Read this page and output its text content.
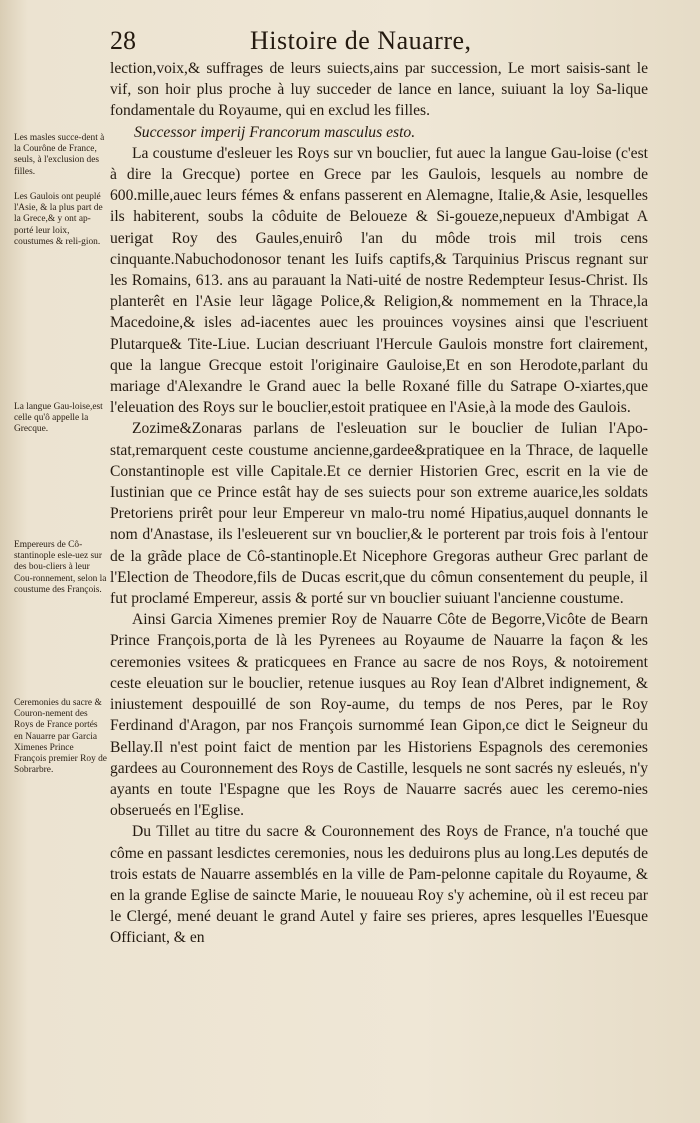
28	Histoire de Nauarre,

lection,voix,& suffrages de leurs suiects,ains par succession, Le mort saisis-sant le vif, son hoir plus proche à luy succeder de lance en lance, suiuant la loy Sa-lique fondamentale du Royaume, qui en exclud les filles.

Successor imperij Francorum masculus esto.

La coustume d'esleuer les Roys sur vn bouclier, fut auec la langue Gau-loise (c'est à dire la Grecque) portee en Grece par les Gaulois, lesquels au nombre de 600.mille,auec leurs fémes & enfans passerent en Alemagne, Italie,& Asie, lesquelles ils habiterent, soubs la côduite de Beloueze & Si-goueze,nepueux d'Ambigat A uerigat Roy des Gaules,enuirô l'an du môde trois mil trois cens cinquante.Nabuchodonosor tenant les Iuifs captifs,& Tarquinius Priscus regnant sur les Romains, 613. ans au parauant la Nati-uité de nostre Redempteur Iesus-Christ. Ils planterêt en l'Asie leur lãgage Police,& Religion,& nommement en la Thrace,la Macedoine,& isles ad-iacentes auec les prouinces voysines ainsi que l'escriuent Plutarque& Tite-Liue. Lucian descriuant l'Hercule Gaulois monstre fort clairement, que la langue Grecque estoit l'originaire Gauloise,Et en son Herodote,parlant du mariage d'Alexandre le Grand auec la belle Roxané fille du Satrape O-xiartes,que l'eleuation des Roys sur le bouclier,estoit pratiquee en l'Asie,à la mode des Gaulois.

Zozime&Zonaras parlans de l'esleuation sur le bouclier de Iulian l'Apo-stat,remarquent ceste coustume ancienne,gardee&pratiquee en la Thrace, de laquelle Constantinople est ville Capitale.Et ce dernier Historien Grec, escrit en la vie de Iustinian que ce Prince estât hay de ses suiects pour son extreme auarice,les soldats Pretoriens prirêt pour leur Empereur vn malo-tru nomé Hipatius,auquel donnants le nom d'Anastase, ils l'esleuerent sur vn bouclier,& le porterent par trois fois à l'entour de la grãde place de Cô-stantinople.Et Nicephore Gregoras autheur Grec parlant de l'Election de Theodore,fils de Ducas escrit,que du cômun consentement du peuple, il fut proclamé Empereur, assis & porté sur vn bouclier suiuant l'ancienne coustume.

Ainsi Garcia Ximenes premier Roy de Nauarre Côte de Begorre,Vicôte de Bearn Prince François,porta de là les Pyrenees au Royaume de Nauarre la façon & les ceremonies vsitees & praticquees en France au sacre de nos Roys, & notoirement ceste eleuation sur le bouclier, retenue iusques au Roy Iean d'Albret indignement, & iniustement despouillé de son Roy-aume, du temps de nos Peres, par le Roy Ferdinand d'Aragon, par nos François surnommé Iean Gipon,ce dict le Seigneur du Bellay.Il n'est point faict de mention par les Historiens Espagnols des ceremonies gardees au Couronnement des Roys de Castille, lesquels ne sont sacrés ny esleués, n'y ayants en toute l'Espagne que les Roys de Nauarre sacrés auec les ceremo-nies obserueés en l'Eglise.

Du Tillet au titre du sacre & Couronnement des Roys de France, n'a touché que côme en passant lesdictes ceremonies, nous les deduirons plus au long.Les deputés de trois estats de Nauarre assemblés en la ville de Pam-pelonne capitale du Royaume, & en la grande Eglise de saincte Marie, le nouueau Roy s'y achemine, où il est receu par le Clergé, mené deuant le grand Autel y faire ses prieres, apres lesquelles l'Euesque Officiant, & en

Les masles succe-dent à la Courône de France, seuls, à l'exclusion des filles.

Les Gaulois ont peuplé l'Asie, & la plus part de la Grece,& y ont ap-porté leur loix, coustumes & reli-gion.

La langue Gau-loise,est celle qu'ô appelle la Grecque.

Empereurs de Cô-stantinople esle-uez sur des bou-cliers à leur Cou-ronnement, selon la coustume des François.

Ceremonies du sacre & Couron-nement des Roys de France portés en Nauarre par Garcia Ximenes Prince François premier Roy de Sobrarbre.
